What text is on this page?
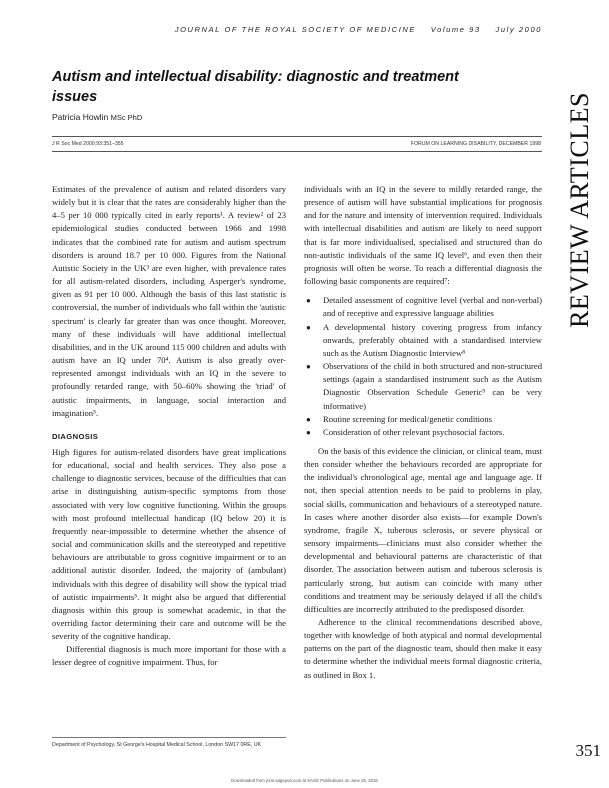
JOURNAL OF THE ROYAL SOCIETY OF MEDICINE Volume 93 July 2000
Autism and intellectual disability: diagnostic and treatment issues
Patricia Howlin MSc PhD
J R Soc Med 2000;93:351–355	FORUM ON LEARNING DISABILITY, DECEMBER 1998 REVIEW ARTICLES

Estimates of the prevalence of autism and related disorders vary widely but it is clear that the rates are considerably higher than the 4–5 per 10 000 typically cited in early reports¹. A review² of 23 epidemiological studies conducted between 1966 and 1998 indicates that the combined rate for autism and autism spectrum disorders is around 18.7 per 10 000. Figures from the National Autistic Society in the UK³ are even higher, with prevalence rates for all autism-related disorders, including Asperger's syndrome, given as 91 per 10 000. Although the basis of this last statistic is controversial, the number of individuals who fall within the 'autistic spectrum' is clearly far greater than was once thought. Moreover, many of these individuals will have additional intellectual disabilities, and in the UK around 115 000 children and adults with autism have an IQ under 70⁴. Autism is also greatly over-represented amongst individuals with an IQ in the severe to profoundly retarded range, with 50–60% showing the 'triad' of autistic impairments, in language, social interaction and imagination⁵.

DIAGNOSIS

High figures for autism-related disorders have great implications for educational, social and health services. They also pose a challenge to diagnostic services, because of the difficulties that can arise in distinguishing autism-specific symptoms from those associated with very low cognitive functioning. Within the groups with most profound intellectual handicap (IQ below 20) it is frequently near-impossible to determine whether the absence of social and communication skills and the stereotyped and repetitive behaviours are attributable to gross cognitive impairment or to an additional autistic disorder. Indeed, the majority of (ambulant) individuals with this degree of disability will show the typical triad of autistic impairments⁵. It might also be argued that differential diagnosis within this group is somewhat academic, in that the overriding factor determining their care and outcome will be the severity of the cognitive handicap.

Differential diagnosis is much more important for those with a lesser degree of cognitive impairment. Thus, for

individuals with an IQ in the severe to mildly retarded range, the presence of autism will have substantial implications for prognosis and for the nature and intensity of intervention required. Individuals with intellectual disabilities and autism are likely to need support that is far more individualised, specialised and structured than do non-autistic individuals of the same IQ level⁶, and even then their prognosis will often be worse. To reach a differential diagnosis the following basic components are required⁷:

● Detailed assessment of cognitive level (verbal and non-verbal) and of receptive and expressive language abilities
● A developmental history covering progress from infancy onwards, preferably obtained with a standardised interview such as the Autism Diagnostic Interview⁸
● Observations of the child in both structured and non-structured settings (again a standardised instrument such as the Autism Diagnostic Observation Schedule Generic⁹ can be very informative)
● Routine screening for medical/genetic conditions
● Consideration of other relevant psychosocial factors.

On the basis of this evidence the clinician, or clinical team, must then consider whether the behaviours recorded are appropriate for the individual's chronological age, mental age and language age. If not, then special attention needs to be paid to problems in play, social skills, communication and behaviours of a stereotyped nature. In cases where another disorder also exists—for example Down's syndrome, fragile X, tuberous sclerosis, or severe physical or sensory impairments—clinicians must also consider whether the developmental and behavioural patterns are characteristic of that disorder. The association between autism and tuberous sclerosis is particularly strong, but autism can coincide with many other conditions and treatment may be seriously delayed if all the child's difficulties are incorrectly attributed to the predisposed disorder.

Adherence to the clinical recommendations described above, together with knowledge of both atypical and normal developmental patterns on the part of the diagnostic team, should then make it easy to determine whether the individual meets formal diagnostic criteria, as outlined in Box 1.

Department of Psychology, St George's Hospital Medical School, London SW17 0RE, UK	351
Downloaded from jrsm.sagepub.com at SAGE Publications on June 25, 2016
